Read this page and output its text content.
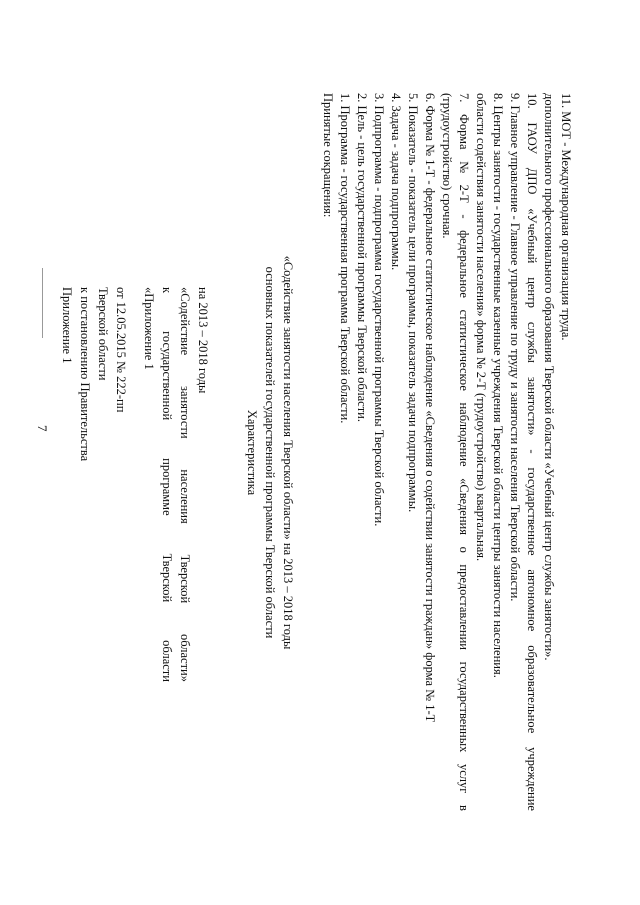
7
Приложение 1 к постановлению Правительства Тверской области от 12.05.2015 № 222-пп «Приложение 1 к
государственной
программе
Тверской
области
«Содействие
занятости
населения
Тверской
области»
на 2013 – 2018 годы
Характеристика основных показателей государственной программы Тверской области «Содействие занятости населения Тверской области» на 2013 – 2018 годы
Принятые сокращения: 1. Программа - государственная программа Тверской области. 2. Цель - цель государственной программы Тверской области. 3. Подпрограмма - подпрограмма государственной программы Тверской области. 4. Задача - задача подпрограммы. 5. Показатель - показатель цели программы, показатель задачи подпрограммы. 6. Форма № 1-Т - федеральное статистическое наблюдение «Сведения о содействии занятости граждан» форма № 1-Т (трудоустройство) срочная. 7.
Форма
№
2-Т
-
федеральное
статистическое
наблюдение
«Сведения
о
предоставлении
государственных
услуг
в
области содействия занятости населения» форма № 2-Т (трудоустройство) квартальная. 8. Центры занятости - государственные казенные учреждения Тверской области центры занятости населения. 9. Главное управление - Главное управление по труду и занятости населения Тверской области. 10.
ГАОУ
ДПО
«Учебный
центр
службы
занятости»
-
государственное
автономное
образовательное
учреждение
дополнительного профессионального образования Тверской области «Учебный центр службы занятости». 11. МОТ - Международная организация труда.
